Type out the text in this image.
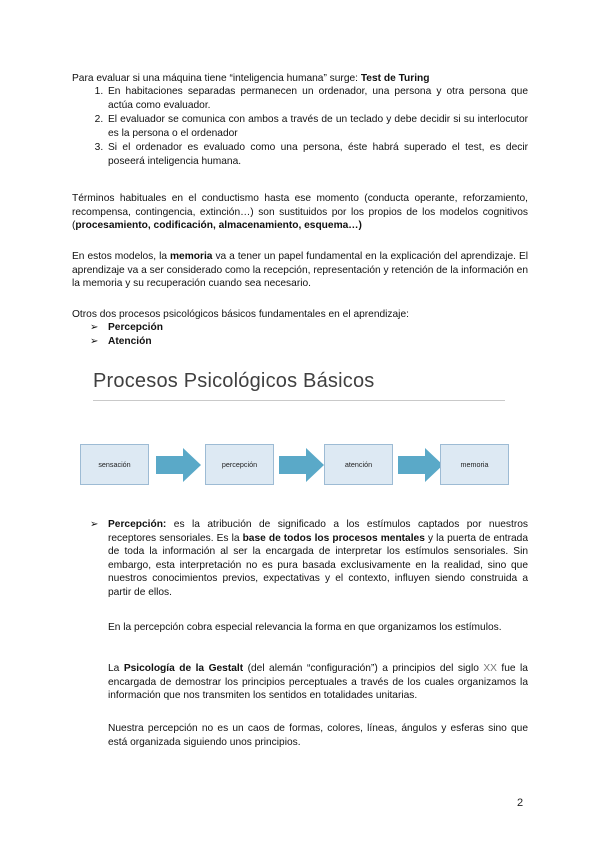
Para evaluar si una máquina tiene “inteligencia humana” surge: Test de Turing

1. En habitaciones separadas permanecen un ordenador, una persona y otra persona que actúa como evaluador.
2. El evaluador se comunica con ambos a través de un teclado y debe decidir si su interlocutor es la persona o el ordenador
3. Si el ordenador es evaluado como una persona, éste habrá superado el test, es decir poseerá inteligencia humana.

Términos habituales en el conductismo hasta ese momento (conducta operante, reforzamiento, recompensa, contingencia, extinción…) son sustituidos por los propios de los modelos cognitivos (procesamiento, codificación, almacenamiento, esquema…)

En estos modelos, la memoria va a tener un papel fundamental en la explicación del aprendizaje. El aprendizaje va a ser considerado como la recepción, representación y retención de la información en la memoria y su recuperación cuando sea necesario.

Otros dos procesos psicológicos básicos fundamentales en el aprendizaje:

➢ Percepción
➢ Atención
Procesos Psicológicos Básicos
sensación	percepción	atención	memoria
➢ Percepción: es la atribución de significado a los estímulos captados por nuestros receptores sensoriales. Es la base de todos los procesos mentales y la puerta de entrada de toda la información al ser la encargada de interpretar los estímulos sensoriales. Sin embargo, esta interpretación no es pura basada exclusivamente en la realidad, sino que nuestros conocimientos previos, expectativas y el contexto, influyen siendo construida a partir de ellos.

En la percepción cobra especial relevancia la forma en que organizamos los estímulos.

La Psicología de la Gestalt (del alemán “configuración”) a principios del siglo XX fue la encargada de demostrar los principios perceptuales a través de los cuales organizamos la información que nos transmiten los sentidos en totalidades unitarias.

Nuestra percepción no es un caos de formas, colores, líneas, ángulos y esferas sino que está organizada siguiendo unos principios.

2
